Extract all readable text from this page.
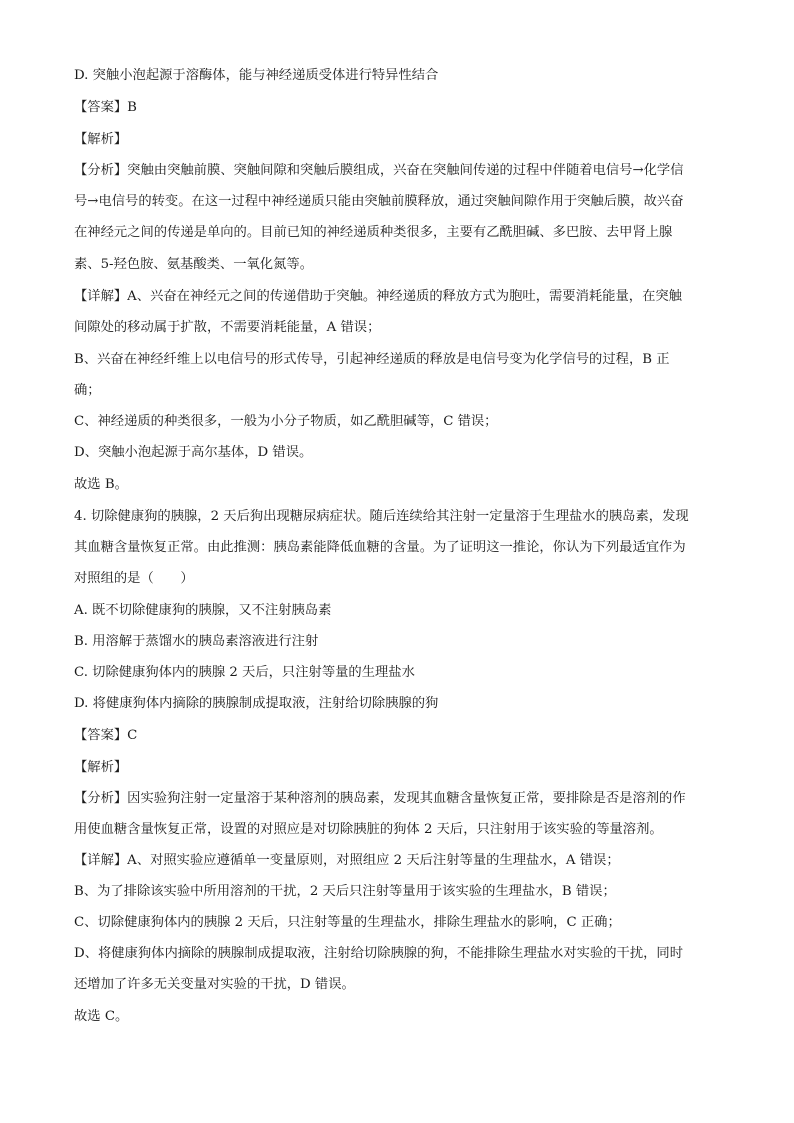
D. 突触小泡起源于溶酶体，能与神经递质受体进行特异性结合
【答案】B
【解析】
【分析】突触由突触前膜、突触间隙和突触后膜组成，兴奋在突触间传递的过程中伴随着电信号→化学信
号→电信号的转变。在这一过程中神经递质只能由突触前膜释放，通过突触间隙作用于突触后膜，故兴奋
在神经元之间的传递是单向的。目前已知的神经递质种类很多，主要有乙酰胆碱、多巴胺、去甲肾上腺
素、5-羟色胺、氨基酸类、一氧化氮等。
【详解】A、兴奋在神经元之间的传递借助于突触。神经递质的释放方式为胞吐，需要消耗能量，在突触
间隙处的移动属于扩散，不需要消耗能量，A 错误；
B、兴奋在神经纤维上以电信号的形式传导，引起神经递质的释放是电信号变为化学信号的过程，B 正
确；
C、神经递质的种类很多，一般为小分子物质，如乙酰胆碱等，C 错误；
D、突触小泡起源于高尔基体，D 错误。
故选 B。
4. 切除健康狗的胰腺，2 天后狗出现糖尿病症状。随后连续给其注射一定量溶于生理盐水的胰岛素，发现
其血糖含量恢复正常。由此推测：胰岛素能降低血糖的含量。为了证明这一推论，你认为下列最适宜作为
对照组的是（　　）
A. 既不切除健康狗的胰腺，又不注射胰岛素
B. 用溶解于蒸馏水的胰岛素溶液进行注射
C. 切除健康狗体内的胰腺 2 天后，只注射等量的生理盐水
D. 将健康狗体内摘除的胰腺制成提取液，注射给切除胰腺的狗
【答案】C
【解析】
【分析】因实验狗注射一定量溶于某种溶剂的胰岛素，发现其血糖含量恢复正常，要排除是否是溶剂的作
用使血糖含量恢复正常，设置的对照应是对切除胰脏的狗体 2 天后，只注射用于该实验的等量溶剂。
【详解】A、对照实验应遵循单一变量原则，对照组应 2 天后注射等量的生理盐水，A 错误；
B、为了排除该实验中所用溶剂的干扰，2 天后只注射等量用于该实验的生理盐水，B 错误；
C、切除健康狗体内的胰腺 2 天后，只注射等量的生理盐水，排除生理盐水的影响，C 正确；
D、将健康狗体内摘除的胰腺制成提取液，注射给切除胰腺的狗，不能排除生理盐水对实验的干扰，同时
还增加了许多无关变量对实验的干扰，D 错误。
故选 C。
